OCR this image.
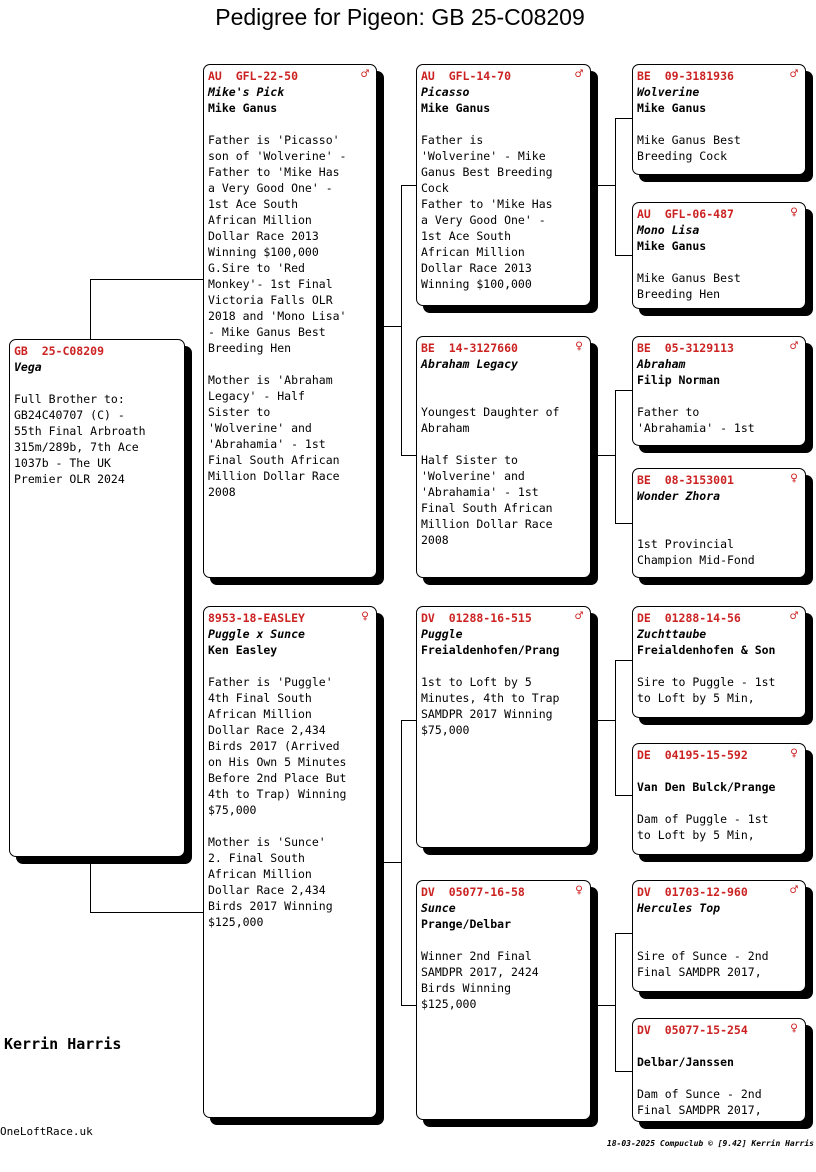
Pedigree for Pigeon: GB 25-C08209
GB  25-C08209
Vega
Full Brother to:
GB24C40707 (C) -
55th Final Arbroath
315m/289b, 7th Ace
1037b - The UK
Premier OLR 2024
AU  GFL-22-50	♂
Mike's Pick
Mike Ganus
Father is 'Picasso'
son of 'Wolverine' -
Father to 'Mike Has
a Very Good One' -
1st Ace South
African Million
Dollar Race 2013
Winning $100,000
G.Sire to 'Red
Monkey'- 1st Final
Victoria Falls OLR
2018 and 'Mono Lisa'
- Mike Ganus Best
Breeding Hen

Mother is 'Abraham
Legacy' - Half
Sister to
'Wolverine' and
'Abrahamia' - 1st
Final South African
Million Dollar Race
2008
8953-18-EASLEY	♀
Puggle x Sunce
Ken Easley
Father is 'Puggle'
4th Final South
African Million
Dollar Race 2,434
Birds 2017 (Arrived
on His Own 5 Minutes
Before 2nd Place But
4th to Trap) Winning
$75,000

Mother is 'Sunce'
2. Final South
African Million
Dollar Race 2,434
Birds 2017 Winning
$125,000
AU  GFL-14-70	♂
Picasso
Mike Ganus
Father is
'Wolverine' - Mike
Ganus Best Breeding
Cock
Father to 'Mike Has
a Very Good One' -
1st Ace South
African Million
Dollar Race 2013
Winning $100,000
BE  14-3127660	♀
Abraham Legacy
Youngest Daughter of
Abraham

Half Sister to
'Wolverine' and
'Abrahamia' - 1st
Final South African
Million Dollar Race
2008
DV  01288-16-515	♂
Puggle
Freialdenhofen/Prang
1st to Loft by 5
Minutes, 4th to Trap
SAMDPR 2017 Winning
$75,000
DV  05077-16-58	♀
Sunce
Prange/Delbar
Winner 2nd Final
SAMDPR 2017, 2424
Birds Winning
$125,000
BE  09-3181936	♂
Wolverine
Mike Ganus
Mike Ganus Best
Breeding Cock
AU  GFL-06-487	♀
Mono Lisa
Mike Ganus
Mike Ganus Best
Breeding Hen
BE  05-3129113	♂
Abraham
Filip Norman
Father to
'Abrahamia' - 1st
BE  08-3153001	♀
Wonder Zhora
1st Provincial
Champion Mid-Fond
DE  01288-14-56	♂
Zuchttaube
Freialdenhofen & Son
Sire to Puggle - 1st
to Loft by 5 Min,
DE  04195-15-592	♀
Van Den Bulck/Prange
Dam of Puggle - 1st
to Loft by 5 Min,
DV  01703-12-960	♂
Hercules Top
Sire of Sunce - 2nd
Final SAMDPR 2017,
DV  05077-15-254	♀
Delbar/Janssen
Dam of Sunce - 2nd
Final SAMDPR 2017,
Kerrin Harris
OneLoftRace.uk
18-03-2025 Compuclub © [9.42] Kerrin Harris
